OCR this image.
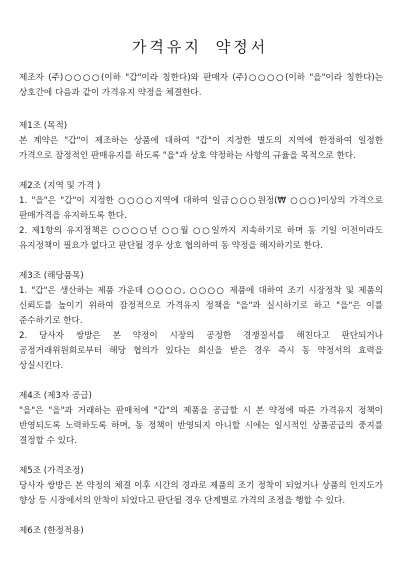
가격유지 약정서

제조자 (주)○○○○(이하 "갑"이라 칭한다)와 판매자 (주)○○○○(이하 "을"이라 칭한다)는 상호간에 다음과 같이 가격유지 약정을 체결한다.

제1조 (목적)

본 계약은 "갑"이 제조하는 상품에 대하여 "갑"이 지정한 별도의 지역에 한정하여 일정한 가격으로 잠정적인 판매유지를 하도록 "을"과 상호 약정하는 사항의 규율을 목적으로 한다.

제2조 (지역 및 가격 )

1. "을"은 "갑"이 지정한 ○○○○지역에 대하여 일금○○○원정(₩ ○○○)이상의 가격으로 판매가격을 유지하도록 한다.

2. 제1항의 유지정책은 ○○○○년 ○○월 ○○일까지 지속하기로 하며 동 기일 이전이라도 유지정책이 필요가 없다고 판단될 경우 상호 협의하여 동 약정을 해지하기로 한다.

제3조 (해당품목)

1. "갑"은 생산하는 제품 가운데 ○○○○, ○○○○ 제품에 대하여 조기 시장정착 및 제품의 신뢰도를 높이기 위하여 잠정적으로 가격유지 정책을 "을"과 실시하기로 하고 "을"은 이를 준수하기로 한다.

2. 당사자 쌍방은 본 약정이 시장의 공정한 경쟁질서를 해친다고 판단되거나 공정거래위원회로부터 해당 협의가 있다는 회신을 받은 경우 즉시 동 약정서의 효력을 상실시킨다.

제4조 (제3자 공급)

"을"은 "을"과 거래하는 판매처에 "갑"의 제품을 공급할 시 본 약정에 따른 가격유지 정책이 반영되도록 노력하도록 하며, 동 정책이 반영되지 아니할 시에는 일시적인 상품공급의 중지를 결정할 수 있다.

제5조 (가격조정)

당사자 쌍방은 본 약정의 체결 이후 시간의 경과로 제품의 조기 정착이 되었거나 상품의 인지도가 향상 등 시장에서의 안착이 되었다고 판단될 경우 단계별로 가격의 조정을 행할 수 있다.

제6조 (한정적용)
